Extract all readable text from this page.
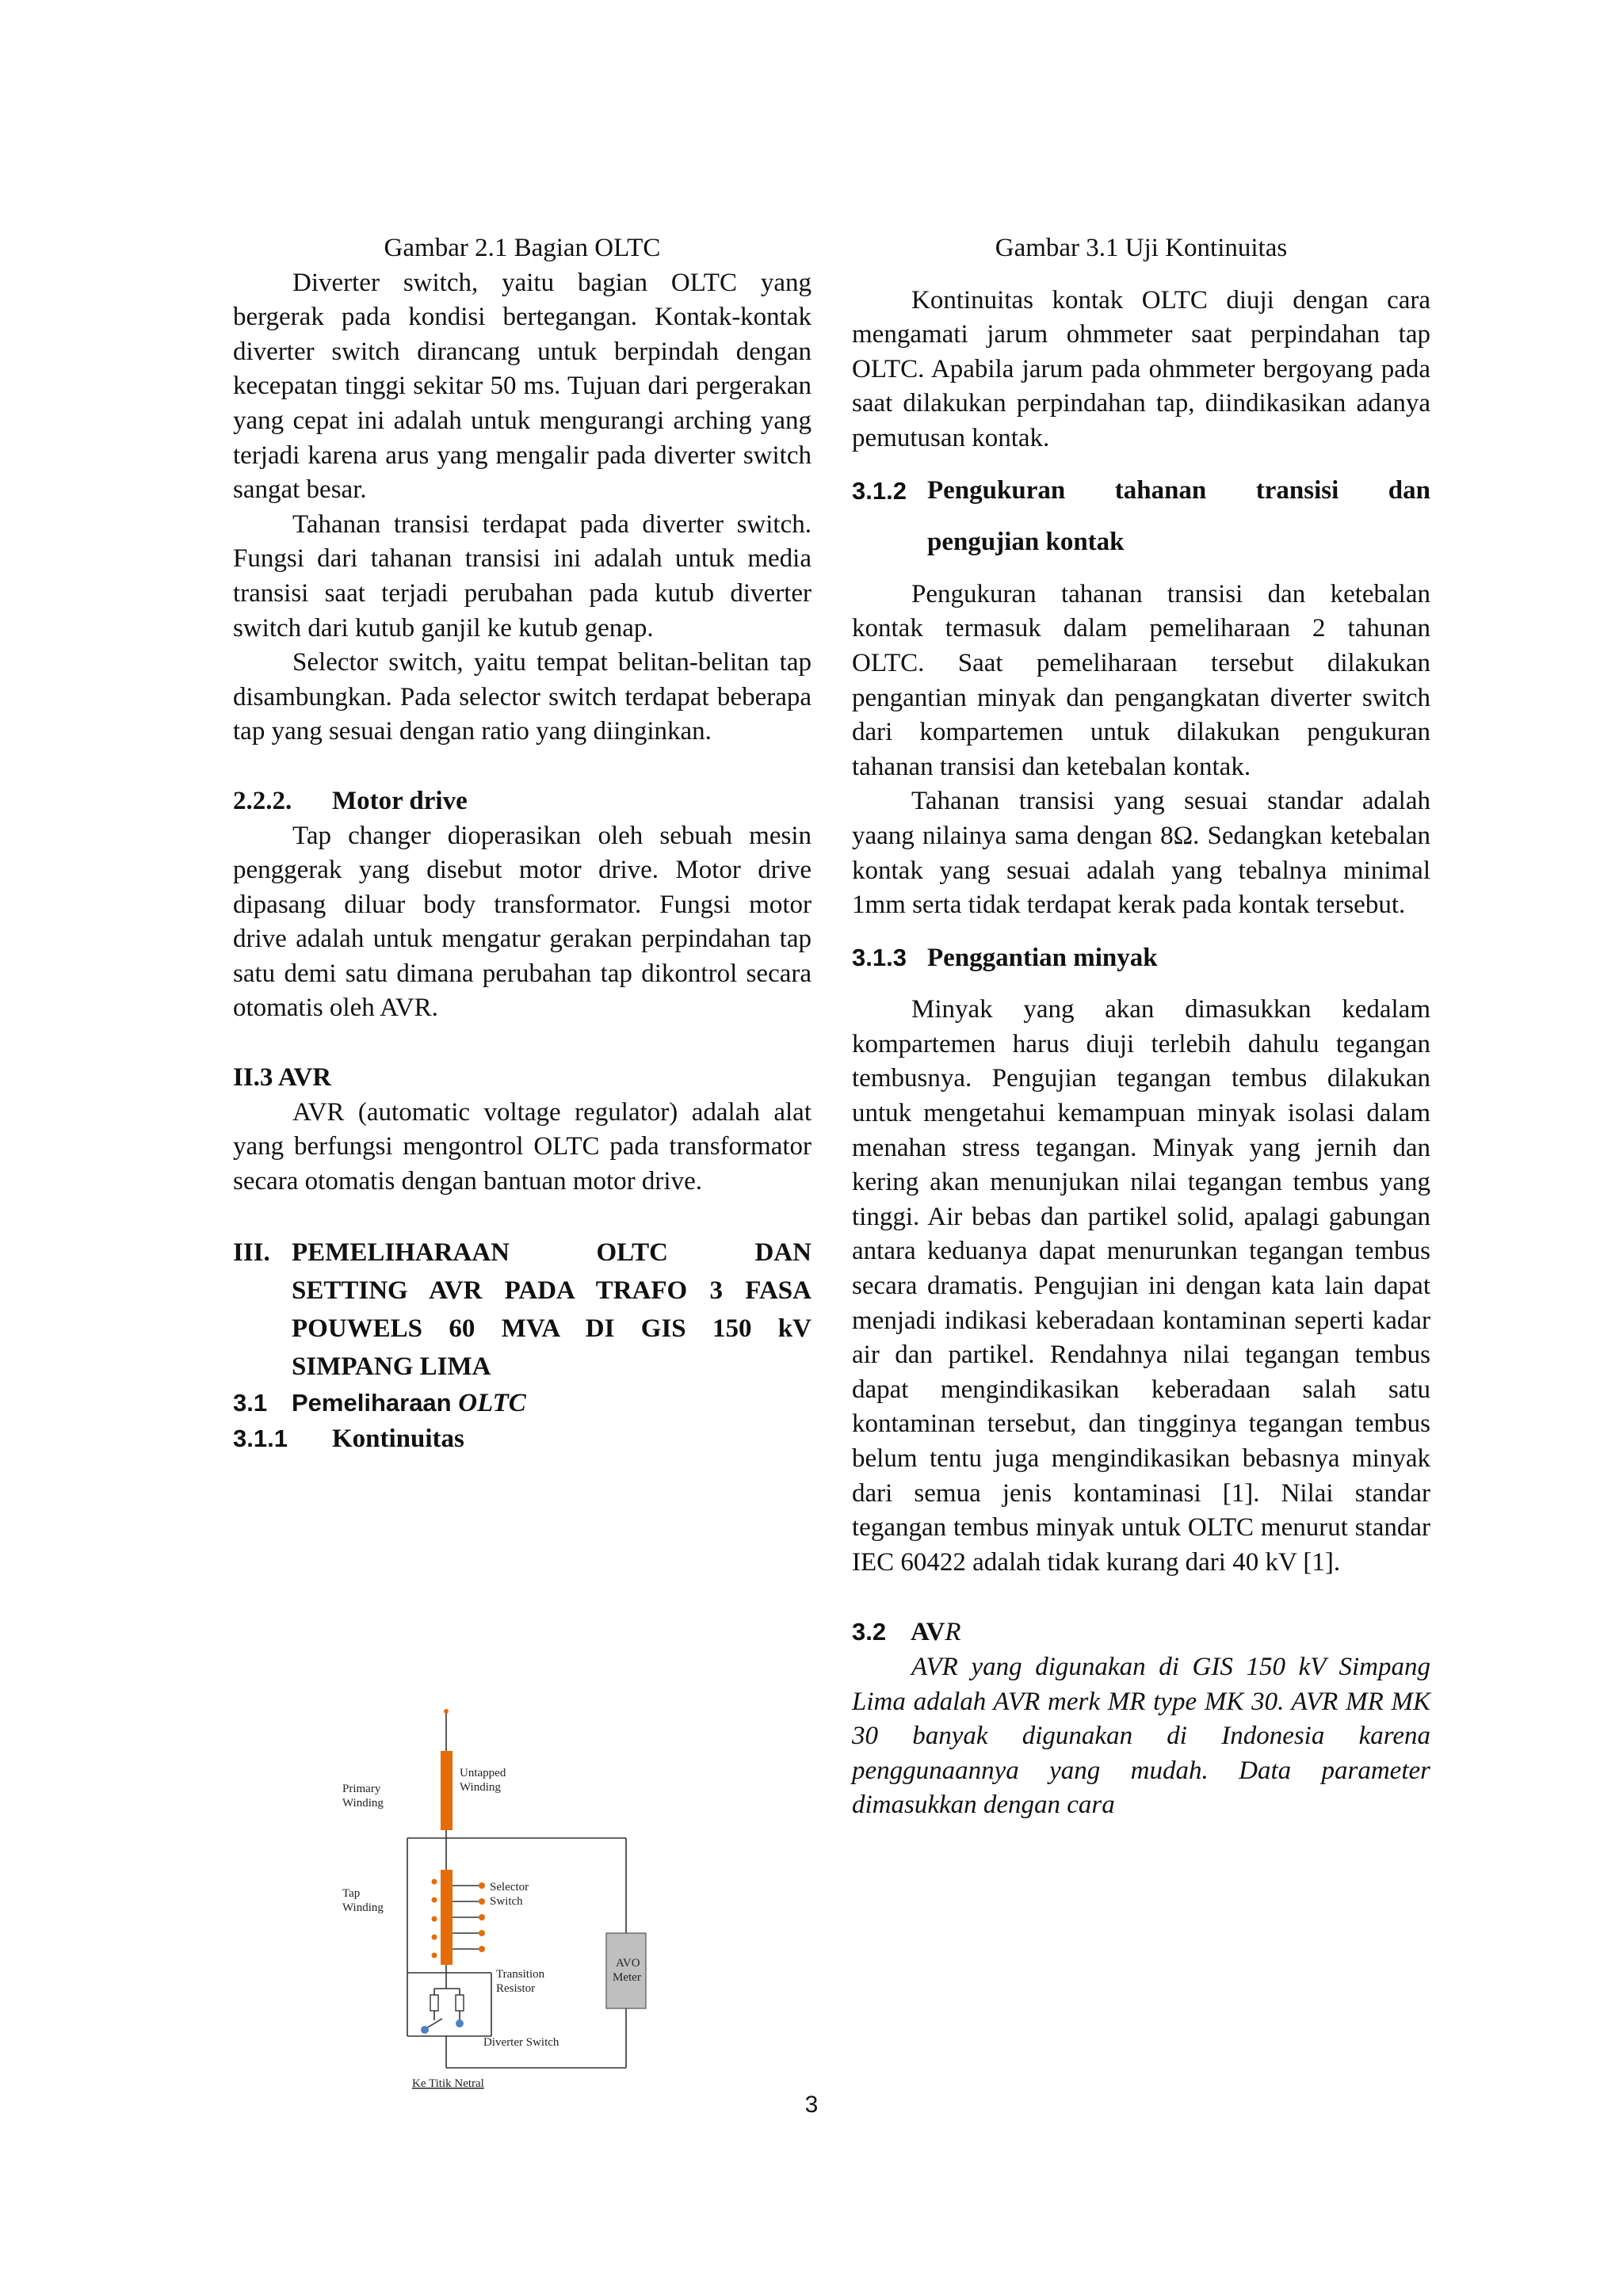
Gambar 2.1 Bagian OLTC

Diverter switch, yaitu bagian OLTC yang bergerak pada kondisi bertegangan. Kontak-kontak diverter switch dirancang untuk berpindah dengan kecepatan tinggi sekitar 50 ms. Tujuan dari pergerakan yang cepat ini adalah untuk mengurangi arching yang terjadi karena arus yang mengalir pada diverter switch sangat besar.

Tahanan transisi terdapat pada diverter switch. Fungsi dari tahanan transisi ini adalah untuk media transisi saat terjadi perubahan pada kutub diverter switch dari kutub ganjil ke kutub genap.

Selector switch, yaitu tempat belitan-belitan tap disambungkan. Pada selector switch terdapat beberapa tap yang sesuai dengan ratio yang diinginkan.

2.2.2. Motor drive

Tap changer dioperasikan oleh sebuah mesin penggerak yang disebut motor drive. Motor drive dipasang diluar body transformator. Fungsi motor drive adalah untuk mengatur gerakan perpindahan tap satu demi satu dimana perubahan tap dikontrol secara otomatis oleh AVR.

II.3 AVR

AVR (automatic voltage regulator) adalah alat yang berfungsi mengontrol OLTC pada transformator secara otomatis dengan bantuan motor drive.

III. PEMELIHARAAN OLTC DAN
SETTING AVR PADA TRAFO 3 FASA
POUWELS 60 MVA DI GIS 150 kV
SIMPANG LIMA

3.1 Pemeliharaan OLTC

3.1.1 Kontinuitas

Untapped
Winding
Primary
Winding
Tap
Winding
Selector
Switch
Transition
Resistor
Diverter Switch
Ke Titik Netral
AVO
Meter

Gambar 3.1 Uji Kontinuitas

Kontinuitas kontak OLTC diuji dengan cara mengamati jarum ohmmeter saat perpindahan tap OLTC. Apabila jarum pada ohmmeter bergoyang pada saat dilakukan perpindahan tap, diindikasikan adanya pemutusan kontak.

3.1.2 Pengukuran tahanan transisi dan

pengujian kontak

Pengukuran tahanan transisi dan ketebalan kontak termasuk dalam pemeliharaan 2 tahunan OLTC. Saat pemeliharaan tersebut dilakukan pengantian minyak dan pengangkatan diverter switch dari kompartemen untuk dilakukan pengukuran tahanan transisi dan ketebalan kontak.

Tahanan transisi yang sesuai standar adalah yaang nilainya sama dengan 8Ω. Sedangkan ketebalan kontak yang sesuai adalah yang tebalnya minimal 1mm serta tidak terdapat kerak pada kontak tersebut.

3.1.3 Penggantian minyak

Minyak yang akan dimasukkan kedalam kompartemen harus diuji terlebih dahulu tegangan tembusnya. Pengujian tegangan tembus dilakukan untuk mengetahui kemampuan minyak isolasi dalam menahan stress tegangan. Minyak yang jernih dan kering akan menunjukan nilai tegangan tembus yang tinggi. Air bebas dan partikel solid, apalagi gabungan antara keduanya dapat menurunkan tegangan tembus secara dramatis. Pengujian ini dengan kata lain dapat menjadi indikasi keberadaan kontaminan seperti kadar air dan partikel. Rendahnya nilai tegangan tembus dapat mengindikasikan keberadaan salah satu kontaminan tersebut, dan tingginya tegangan tembus belum tentu juga mengindikasikan bebasnya minyak dari semua jenis kontaminasi [1]. Nilai standar tegangan tembus minyak untuk OLTC menurut standar IEC 60422 adalah tidak kurang dari 40 kV [1].

3.2 AVR

AVR yang digunakan di GIS 150 kV Simpang Lima adalah AVR merk MR type MK 30. AVR MR MK 30 banyak digunakan di Indonesia karena penggunaannya yang mudah. Data parameter dimasukkan dengan cara

3
